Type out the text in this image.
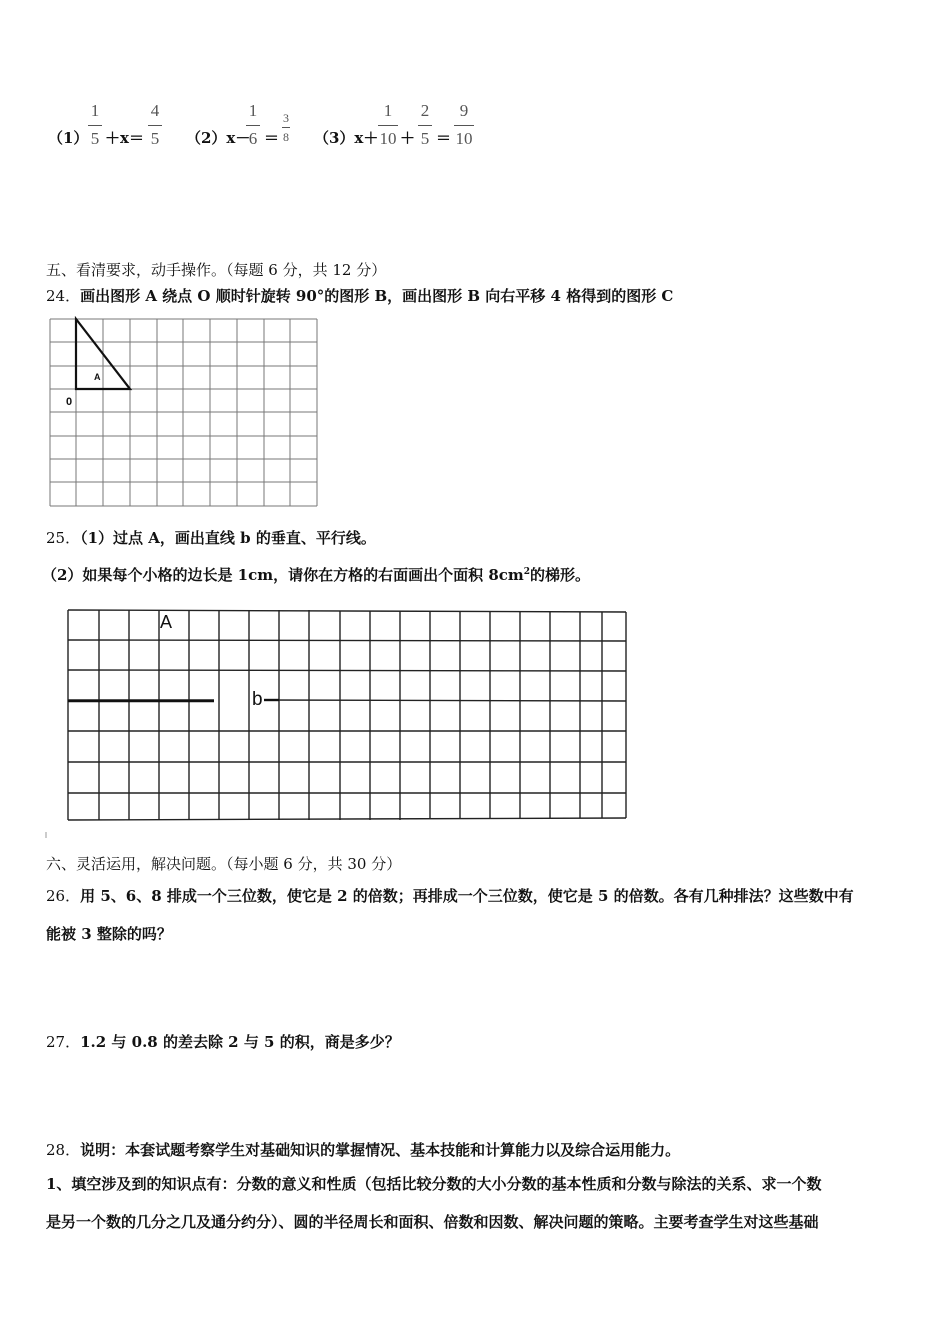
（1）
1
5 ＋x＝
4
5 （2）x－
1
6 ＝
3
8 （3）x＋
1
10 ＋
2
5 ＝
9
10
五、看清要求，动手操作。（每题 6 分，共 12 分）
24．画出图形 A 绕点 O 顺时针旋转 90°的图形 B，画出图形 B 向右平移 4 格得到的图形 C
A
0
25．（1）过点 A，画出直线 b 的垂直、平行线。
（2）如果每个小格的边长是 1cm，请你在方格的右面画出个面积 $8cm^2$的梯形。
A
b
六、灵活运用，解决问题。（每小题 6 分，共 30 分）
26．用 5、6、8 排成一个三位数，使它是 2 的倍数；再排成一个三位数，使它是 5 的倍数。各有几种排法？这些数中有
能被 3 整除的吗？
27．1.2 与 0.8 的差去除 2 与 5 的积，商是多少？
28．说明：本套试题考察学生对基础知识的掌握情况、基本技能和计算能力以及综合运用能力。
1、填空涉及到的知识点有：分数的意义和性质（包括比较分数的大小分数的基本性质和分数与除法的关系、求一个数
是另一个数的几分之几及通分约分）、圆的半径周长和面积、倍数和因数、解决问题的策略。主要考查学生对这些基础
